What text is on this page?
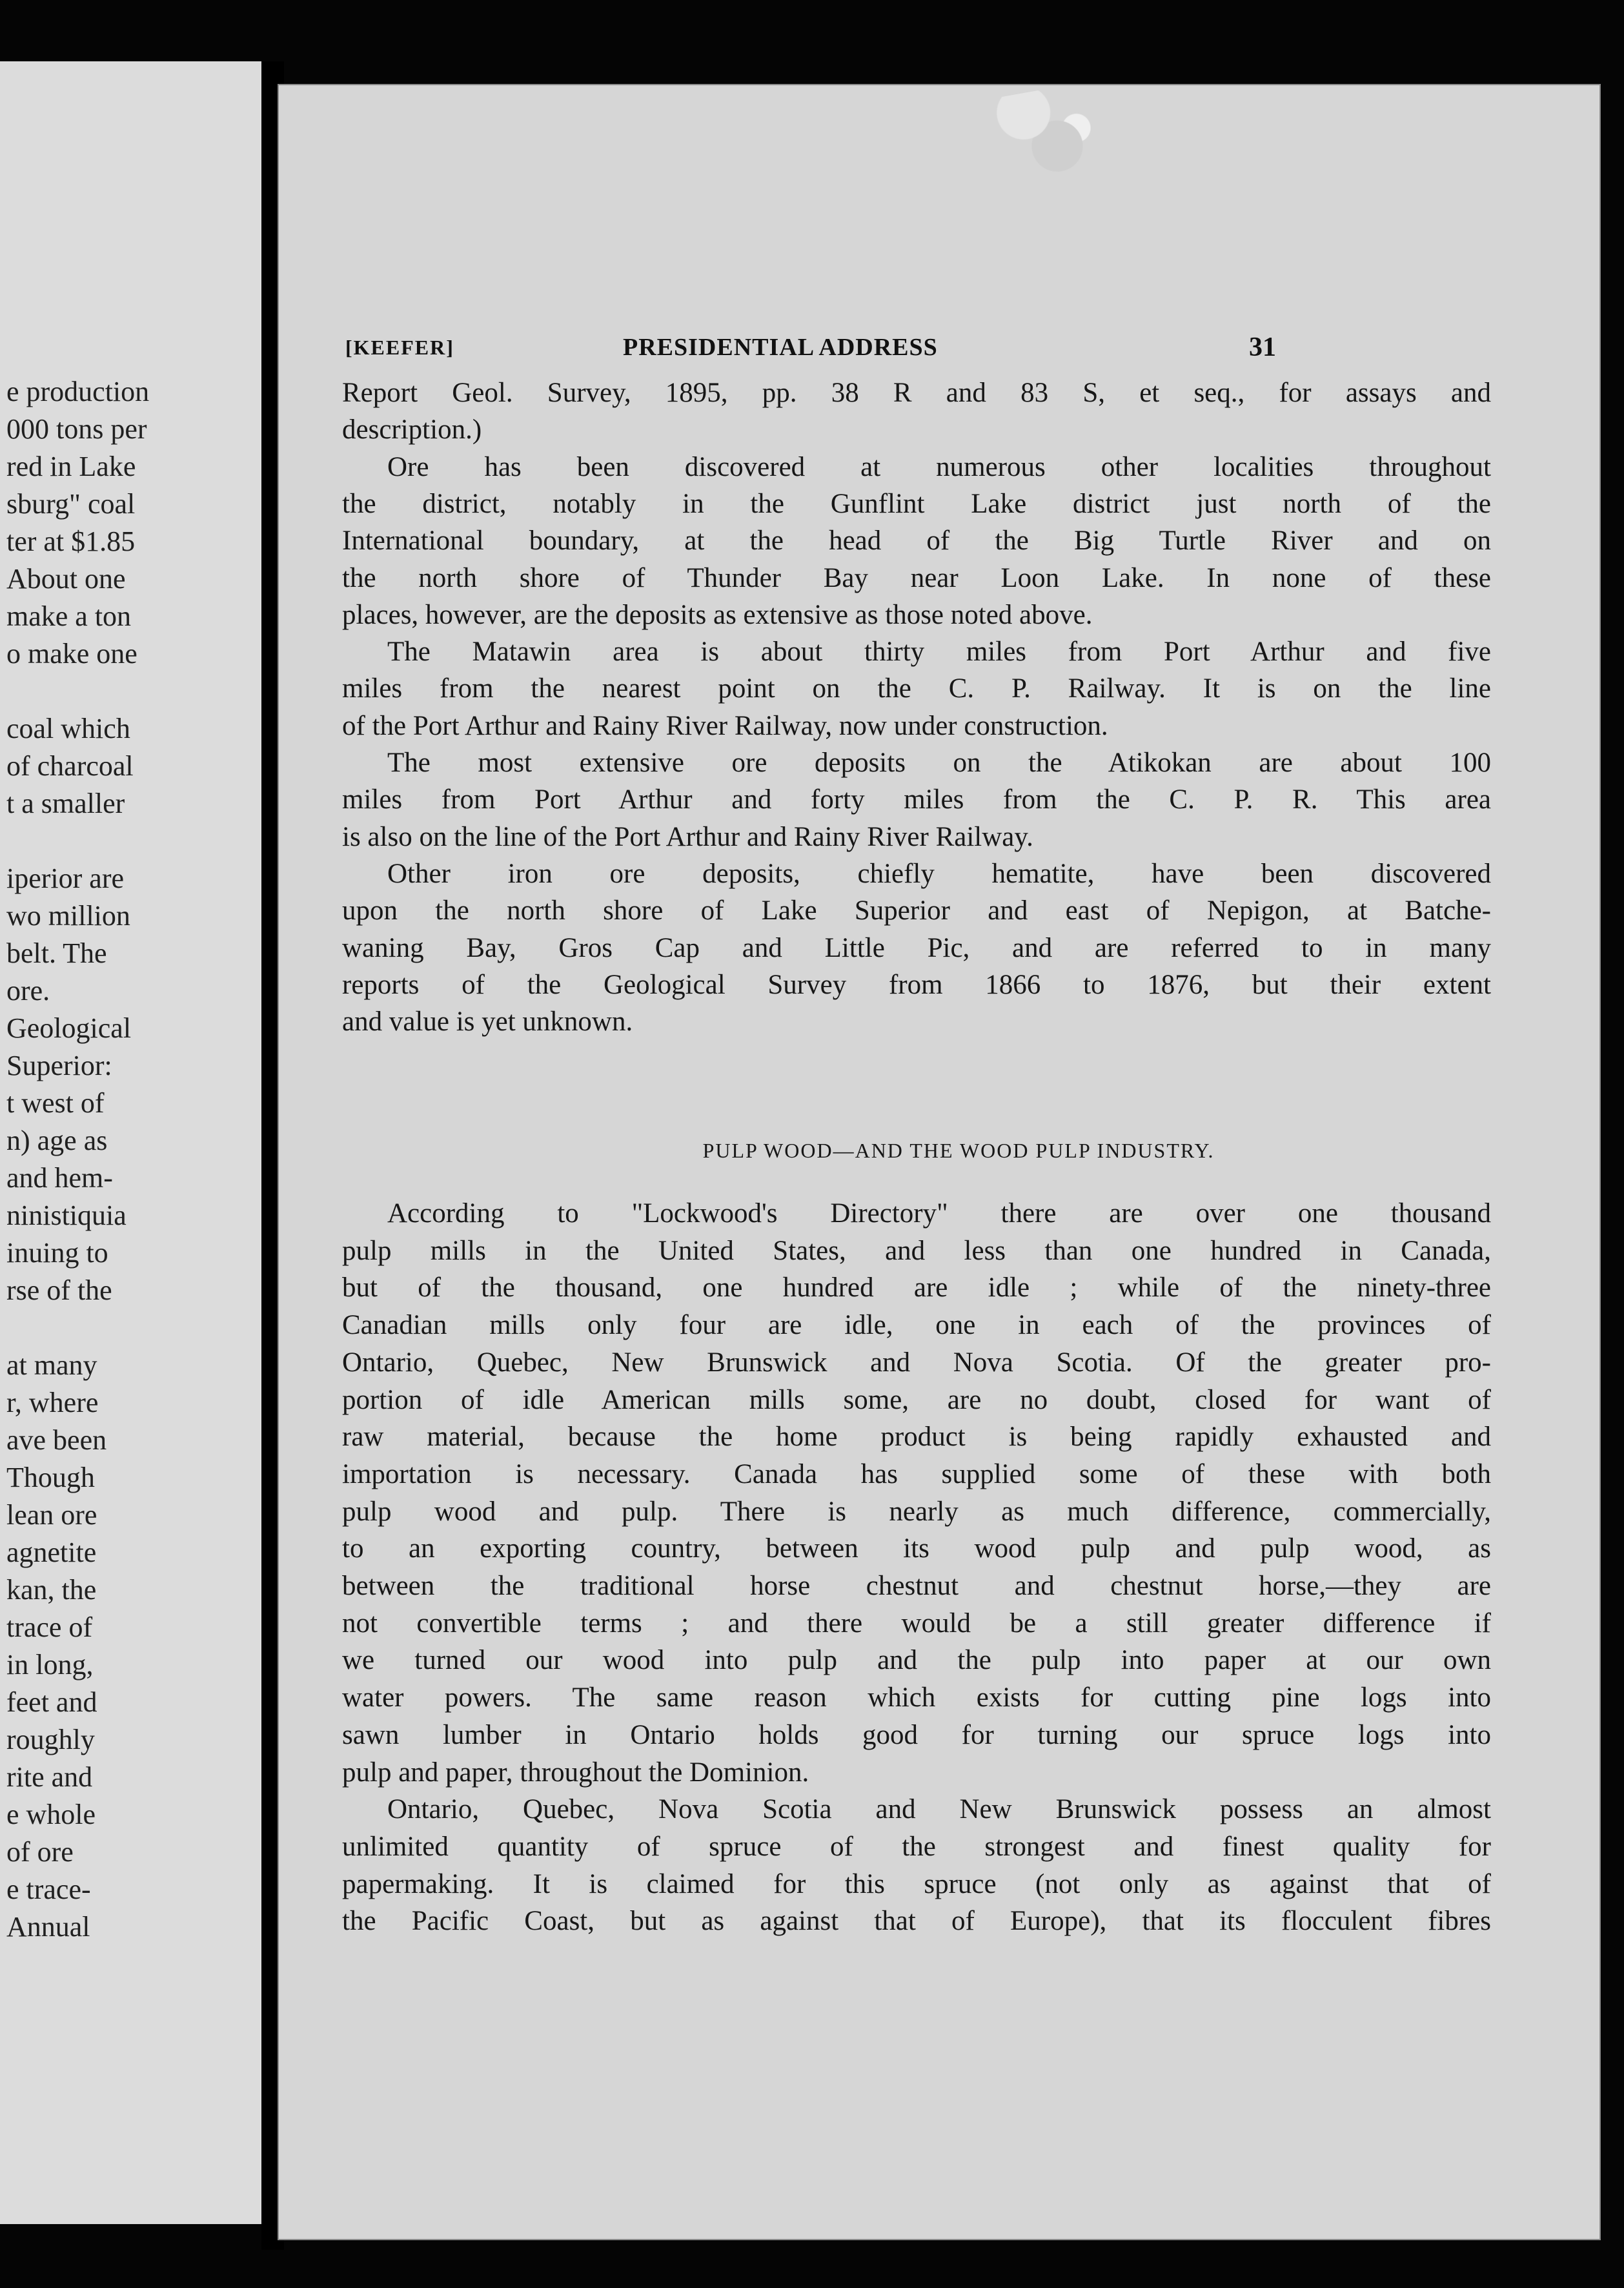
e production
000 tons per
red in Lake
sburg" coal
ter at $1.85
About one
make a ton
o make one
coal which
of charcoal
t a smaller
iperior are
wo million
belt. The
ore.
Geological
Superior:
t west of
n) age as
and hem-
ninistiquia
inuing to
rse of the
at many
r, where
ave been
Though
lean ore
agnetite
kan, the
trace of
in long,
feet and
roughly
rite and
e whole
of ore
e trace-
Annual
[KEEFER]	PRESIDENTIAL ADDRESS	31
Report Geol. Survey, 1895, pp. 38 R and 83 S, et seq., for assays and
description.)
Ore has been discovered at numerous other localities throughout
the district, notably in the Gunflint Lake district just north of the
International boundary, at the head of the Big Turtle River and on
the north shore of Thunder Bay near Loon Lake. In none of these
places, however, are the deposits as extensive as those noted above.
The Matawin area is about thirty miles from Port Arthur and five
miles from the nearest point on the C. P. Railway. It is on the line
of the Port Arthur and Rainy River Railway, now under construction.
The most extensive ore deposits on the Atikokan are about 100
miles from Port Arthur and forty miles from the C. P. R. This area
is also on the line of the Port Arthur and Rainy River Railway.
Other iron ore deposits, chiefly hematite, have been discovered
upon the north shore of Lake Superior and east of Nepigon, at Batche-
waning Bay, Gros Cap and Little Pic, and are referred to in many
reports of the Geological Survey from 1866 to 1876, but their extent
and value is yet unknown.
PULP WOOD—AND THE WOOD PULP INDUSTRY.
According to "Lockwood's Directory" there are over one thousand
pulp mills in the United States, and less than one hundred in Canada,
but of the thousand, one hundred are idle ; while of the ninety-three
Canadian mills only four are idle, one in each of the provinces of
Ontario, Quebec, New Brunswick and Nova Scotia. Of the greater pro-
portion of idle American mills some, are no doubt, closed for want of
raw material, because the home product is being rapidly exhausted and
importation is necessary. Canada has supplied some of these with both
pulp wood and pulp. There is nearly as much difference, commercially,
to an exporting country, between its wood pulp and pulp wood, as
between the traditional horse chestnut and chestnut horse,—they are
not convertible terms ; and there would be a still greater difference if
we turned our wood into pulp and the pulp into paper at our own
water powers. The same reason which exists for cutting pine logs into
sawn lumber in Ontario holds good for turning our spruce logs into
pulp and paper, throughout the Dominion.
Ontario, Quebec, Nova Scotia and New Brunswick possess an almost
unlimited quantity of spruce of the strongest and finest quality for
papermaking. It is claimed for this spruce (not only as against that of
the Pacific Coast, but as against that of Europe), that its flocculent fibres
